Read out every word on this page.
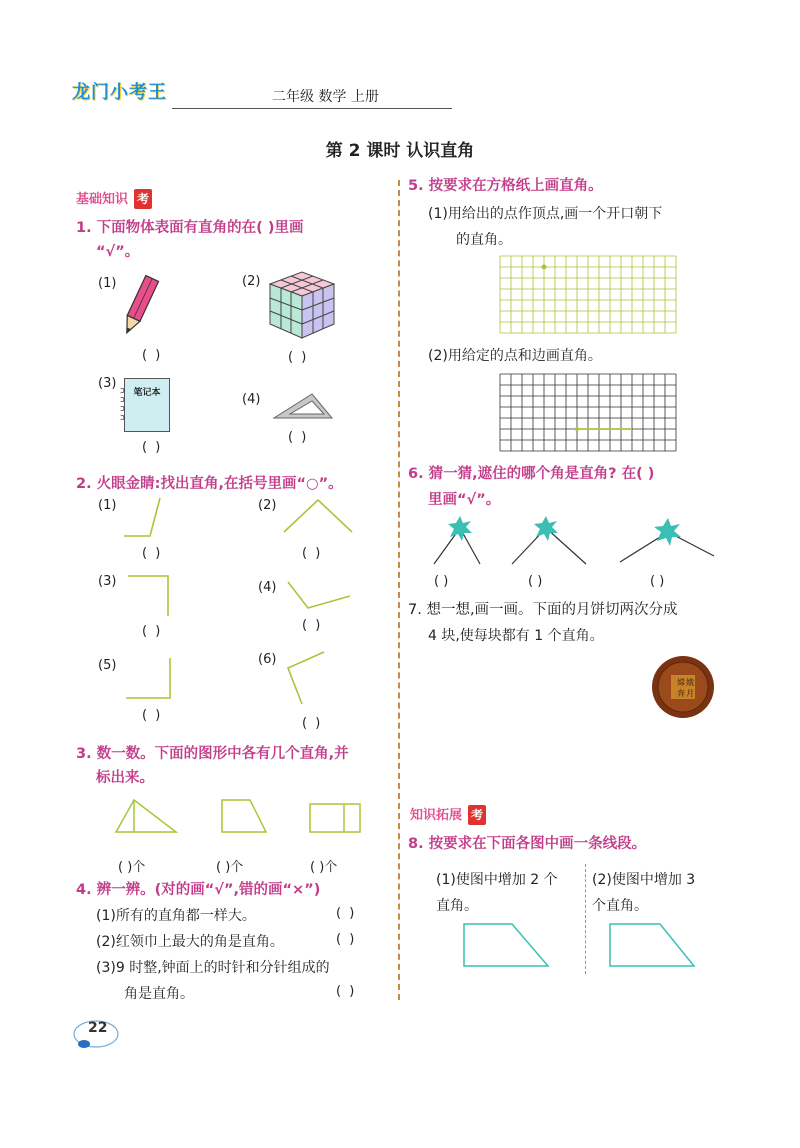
龙门小考王	二年级 数学 上册
第 2 课时 认识直角
基础知识 考
1. 下面物体表面有直角的在( )里画
“√”。
(1)
( )
(2)
( )
(3)
笔记本
ᴐ
ᴐ
ᴐ
ᴐ
( )
(4)
( )
2. 火眼金睛:找出直角,在括号里画“○”。
(1)
( )
(2)
( )
(3)
( )
(4)
( )
(5)
( )
(6)
( )
3. 数一数。下面的图形中各有几个直角,并
标出来。
( )个	( )个	( )个
4. 辨一辨。(对的画“√”,错的画“×”)
(1)所有的直角都一样大。	( )
(2)红领巾上最大的角是直角。	( )
(3)9 时整,钟面上的时针和分针组成的
角是直角。	( )
22
5. 按要求在方格纸上画直角。
(1)用给出的点作顶点,画一个开口朝下
的直角。
(2)用给定的点和边画直角。
6. 猜一猜,遮住的哪个角是直角? 在( )
里画“√”。
( )	( )	( )
7. 想一想,画一画。下面的月饼切两次分成
4 块,使每块都有 1 个直角。
嫦 娥
奔 月
知识拓展 考
8. 按要求在下面各图中画一条线段。
(1)使图中增加 2 个
直角。
(2)使图中增加 3
个直角。
